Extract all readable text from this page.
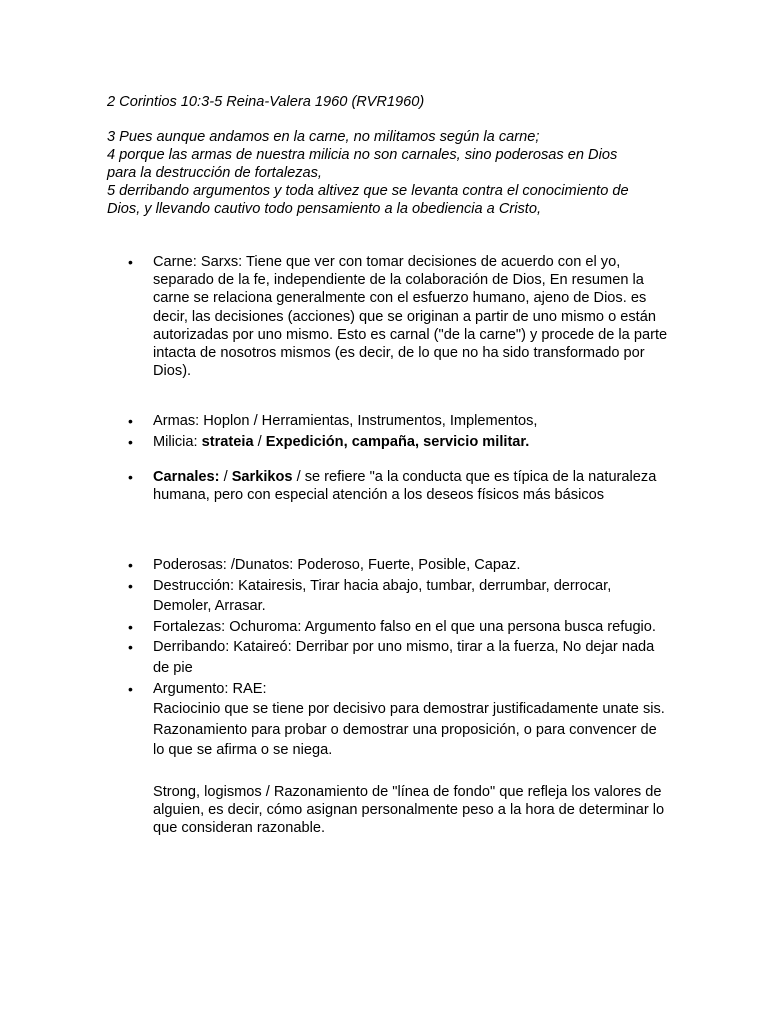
2 Corintios 10:3-5 Reina-Valera 1960 (RVR1960)
3 Pues aunque andamos en la carne, no militamos según la carne;
4 porque las armas de nuestra milicia no son carnales, sino poderosas en Dios
para la destrucción de fortalezas,
5 derribando argumentos y toda altivez que se levanta contra el conocimiento de
Dios, y llevando cautivo todo pensamiento a la obediencia a Cristo,
• Carne: Sarxs: Tiene que ver con tomar decisiones de acuerdo con el yo, separado de la fe, independiente de la colaboración de Dios, En resumen la carne se relaciona generalmente con el esfuerzo humano, ajeno de Dios. es decir, las decisiones (acciones) que se originan a partir de uno mismo o están autorizadas por uno mismo. Esto es carnal ("de la carne") y procede de la parte intacta de nosotros mismos (es decir, de lo que no ha sido transformado por Dios).
• Armas: Hoplon / Herramientas, Instrumentos, Implementos,
• Milicia: strateia / Expedición, campaña, servicio militar.
• Carnales: / Sarkikos / se refiere "a la conducta que es típica de la naturaleza humana, pero con especial atención a los deseos físicos más básicos
• Poderosas: /Dunatos: Poderoso, Fuerte, Posible, Capaz.
• Destrucción: Katairesis, Tirar hacia abajo, tumbar, derrumbar, derrocar, Demoler, Arrasar.
• Fortalezas: Ochuroma: Argumento falso en el que una persona busca refugio.
• Derribando: Kataireó: Derribar por uno mismo, tirar a la fuerza, No dejar nada de pie
• Argumento: RAE:
Raciocinio que se tiene por decisivo para demostrar justificadamente unate sis.
Razonamiento para probar o demostrar una proposición, o para convencer de lo que se afirma o se niega.
Strong, logismos / Razonamiento de "línea de fondo" que refleja los valores de alguien, es decir, cómo asignan personalmente peso a la hora de determinar lo que consideran razonable.
